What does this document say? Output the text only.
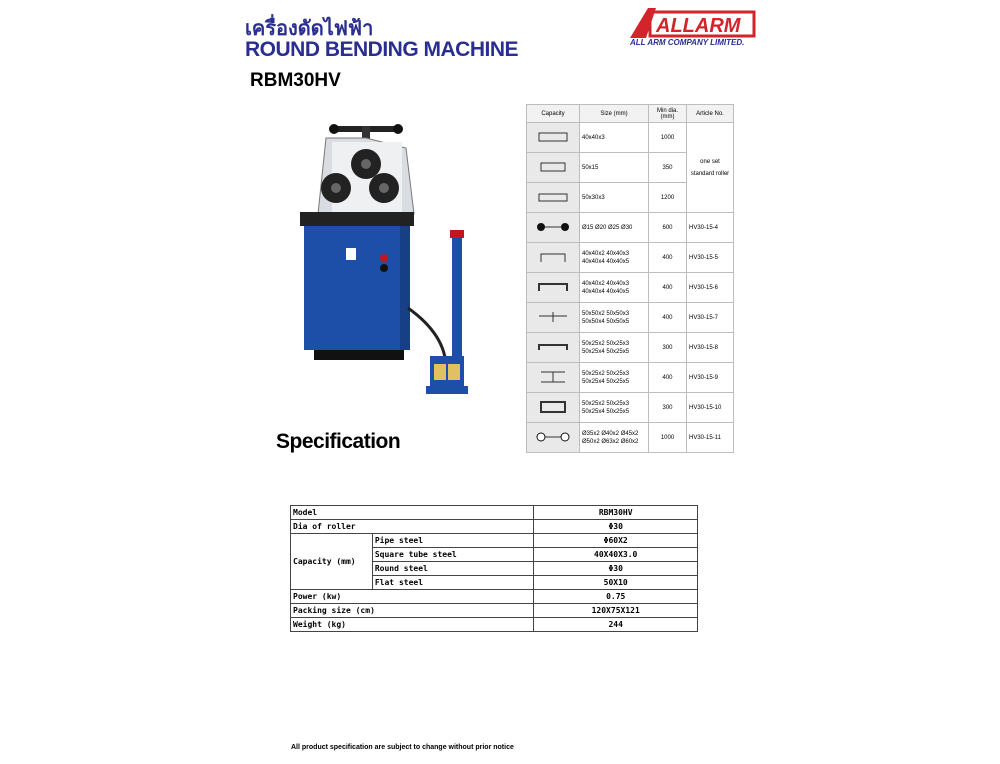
เครื่องดัดไฟฟ้า
ROUND BENDING MACHINE
RBM30HV
ALLARM
ALL ARM COMPANY LIMITED.
Capacity	Size (mm)	Min dia. (mm)	Article No.
	40x40x3	1000	one set standard roller
	50x15	350	
	50x30x3	1200	
	Ø15 Ø20 Ø25 Ø30	600	HV30-15-4
	40x40x2 40x40x3 40x40x4 40x40x5	400	HV30-15-5
	40x40x2 40x40x3 40x40x4 40x40x5	400	HV30-15-6
	50x50x2 50x50x3 50x50x4 50x50x5	400	HV30-15-7
	50x25x2 50x25x3 50x25x4 50x25x5	300	HV30-15-8
	50x25x2 50x25x3 50x25x4 50x25x5	400	HV30-15-9
	50x25x2 50x25x3 50x25x4 50x25x5	300	HV30-15-10
	Ø35x2 Ø40x2 Ø45x2 Ø50x2 Ø63x2 Ø60x2	1000	HV30-15-11
Specification
Model		RBM30HV
Dia of roller		Φ30
Capacity (mm)	Pipe steel	Φ60X2
	Square tube steel	40X40X3.0
	Round steel	Φ30
	Flat steel	50X10
Power (kw)		0.75
Packing size (cm)		120X75X121
Weight (kg)		244
All product specification are subject to change without prior notice
